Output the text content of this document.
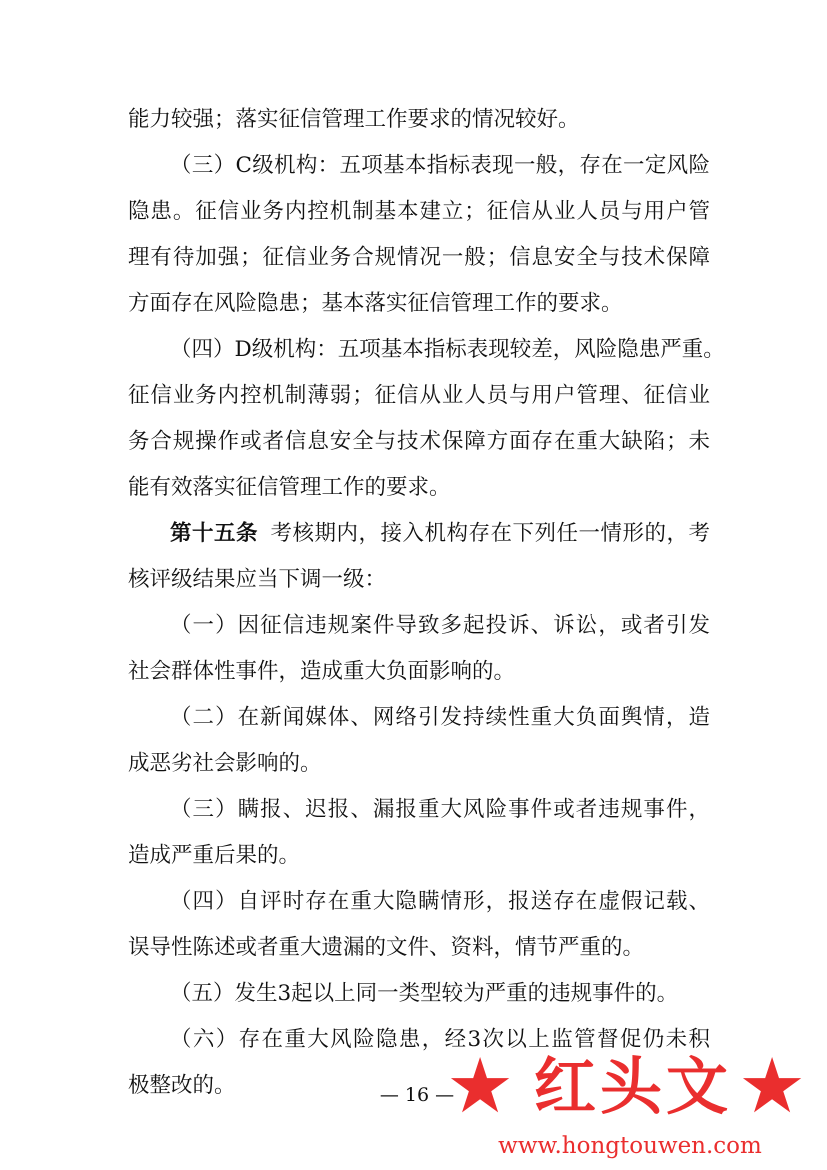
能力较强；落实征信管理工作要求的情况较好。
（三）C级机构：五项基本指标表现一般，存在一定风险
隐患。征信业务内控机制基本建立；征信从业人员与用户管
理有待加强；征信业务合规情况一般；信息安全与技术保障
方面存在风险隐患；基本落实征信管理工作的要求。
（四）D级机构：五项基本指标表现较差，风险隐患严重。
征信业务内控机制薄弱；征信从业人员与用户管理、征信业
务合规操作或者信息安全与技术保障方面存在重大缺陷；未
能有效落实征信管理工作的要求。
第十五条 考核期内，接入机构存在下列任一情形的，考
核评级结果应当下调一级：
（一）因征信违规案件导致多起投诉、诉讼，或者引发
社会群体性事件，造成重大负面影响的。
（二）在新闻媒体、网络引发持续性重大负面舆情，造
成恶劣社会影响的。
（三）瞒报、迟报、漏报重大风险事件或者违规事件，
造成严重后果的。
（四）自评时存在重大隐瞒情形，报送存在虚假记载、
误导性陈述或者重大遗漏的文件、资料，情节严重的。
（五）发生3起以上同一类型较为严重的违规事件的。
（六）存在重大风险隐患，经3次以上监管督促仍未积
极整改的。	— 16 —
★ 红头文 ★
www.hongtouwen.com
